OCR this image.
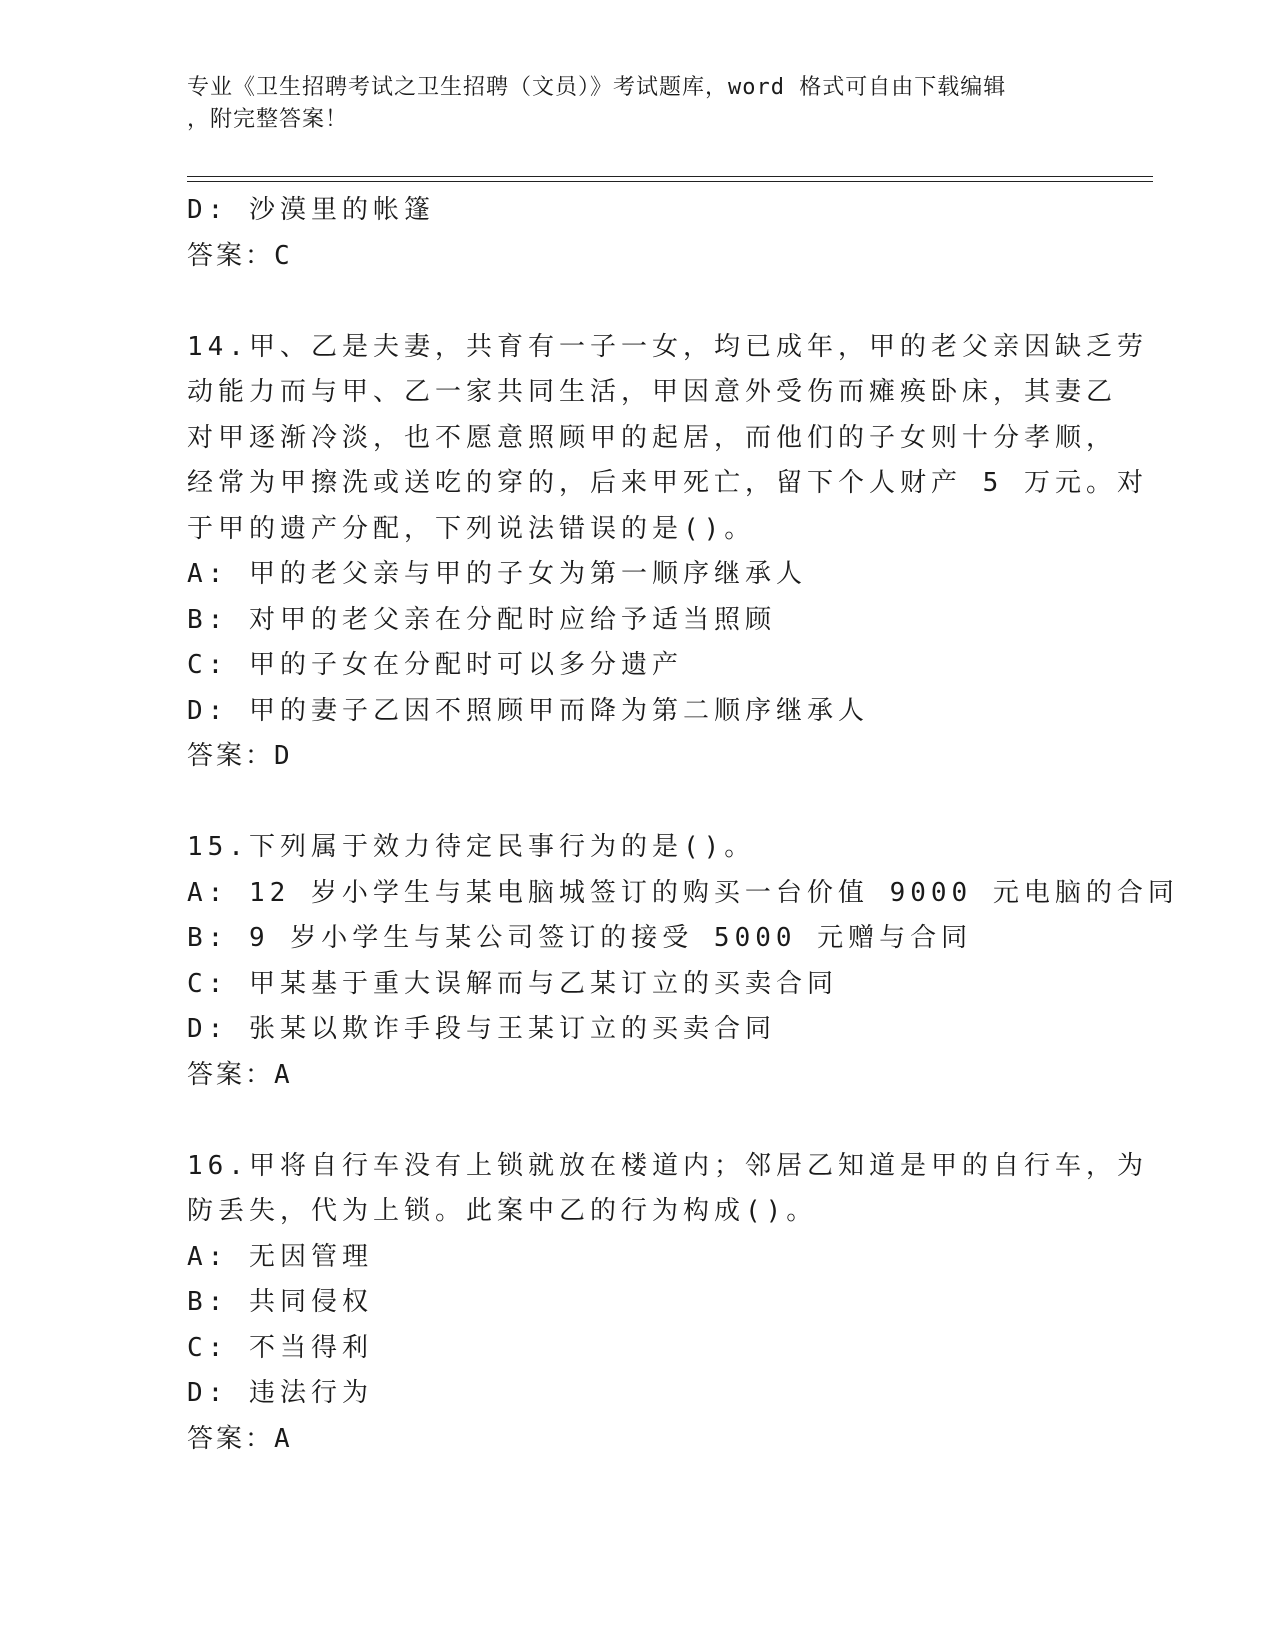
专业《卫生招聘考试之卫生招聘（文员）》考试题库，word 格式可自由下载编辑
，附完整答案！
D: 沙漠里的帐篷
答案：C
14.甲、乙是夫妻，共育有一子一女，均已成年，甲的老父亲因缺乏劳
动能力而与甲、乙一家共同生活，甲因意外受伤而瘫痪卧床，其妻乙
对甲逐渐冷淡，也不愿意照顾甲的起居，而他们的子女则十分孝顺，
经常为甲擦洗或送吃的穿的，后来甲死亡，留下个人财产 5 万元。对
于甲的遗产分配，下列说法错误的是()。
A: 甲的老父亲与甲的子女为第一顺序继承人
B: 对甲的老父亲在分配时应给予适当照顾
C: 甲的子女在分配时可以多分遗产
D: 甲的妻子乙因不照顾甲而降为第二顺序继承人
答案：D
15.下列属于效力待定民事行为的是()。
A: 12 岁小学生与某电脑城签订的购买一台价值 9000 元电脑的合同
B: 9 岁小学生与某公司签订的接受 5000 元赠与合同
C: 甲某基于重大误解而与乙某订立的买卖合同
D: 张某以欺诈手段与王某订立的买卖合同
答案：A
16.甲将自行车没有上锁就放在楼道内；邻居乙知道是甲的自行车，为
防丢失，代为上锁。此案中乙的行为构成()。
A: 无因管理
B: 共同侵权
C: 不当得利
D: 违法行为
答案：A
